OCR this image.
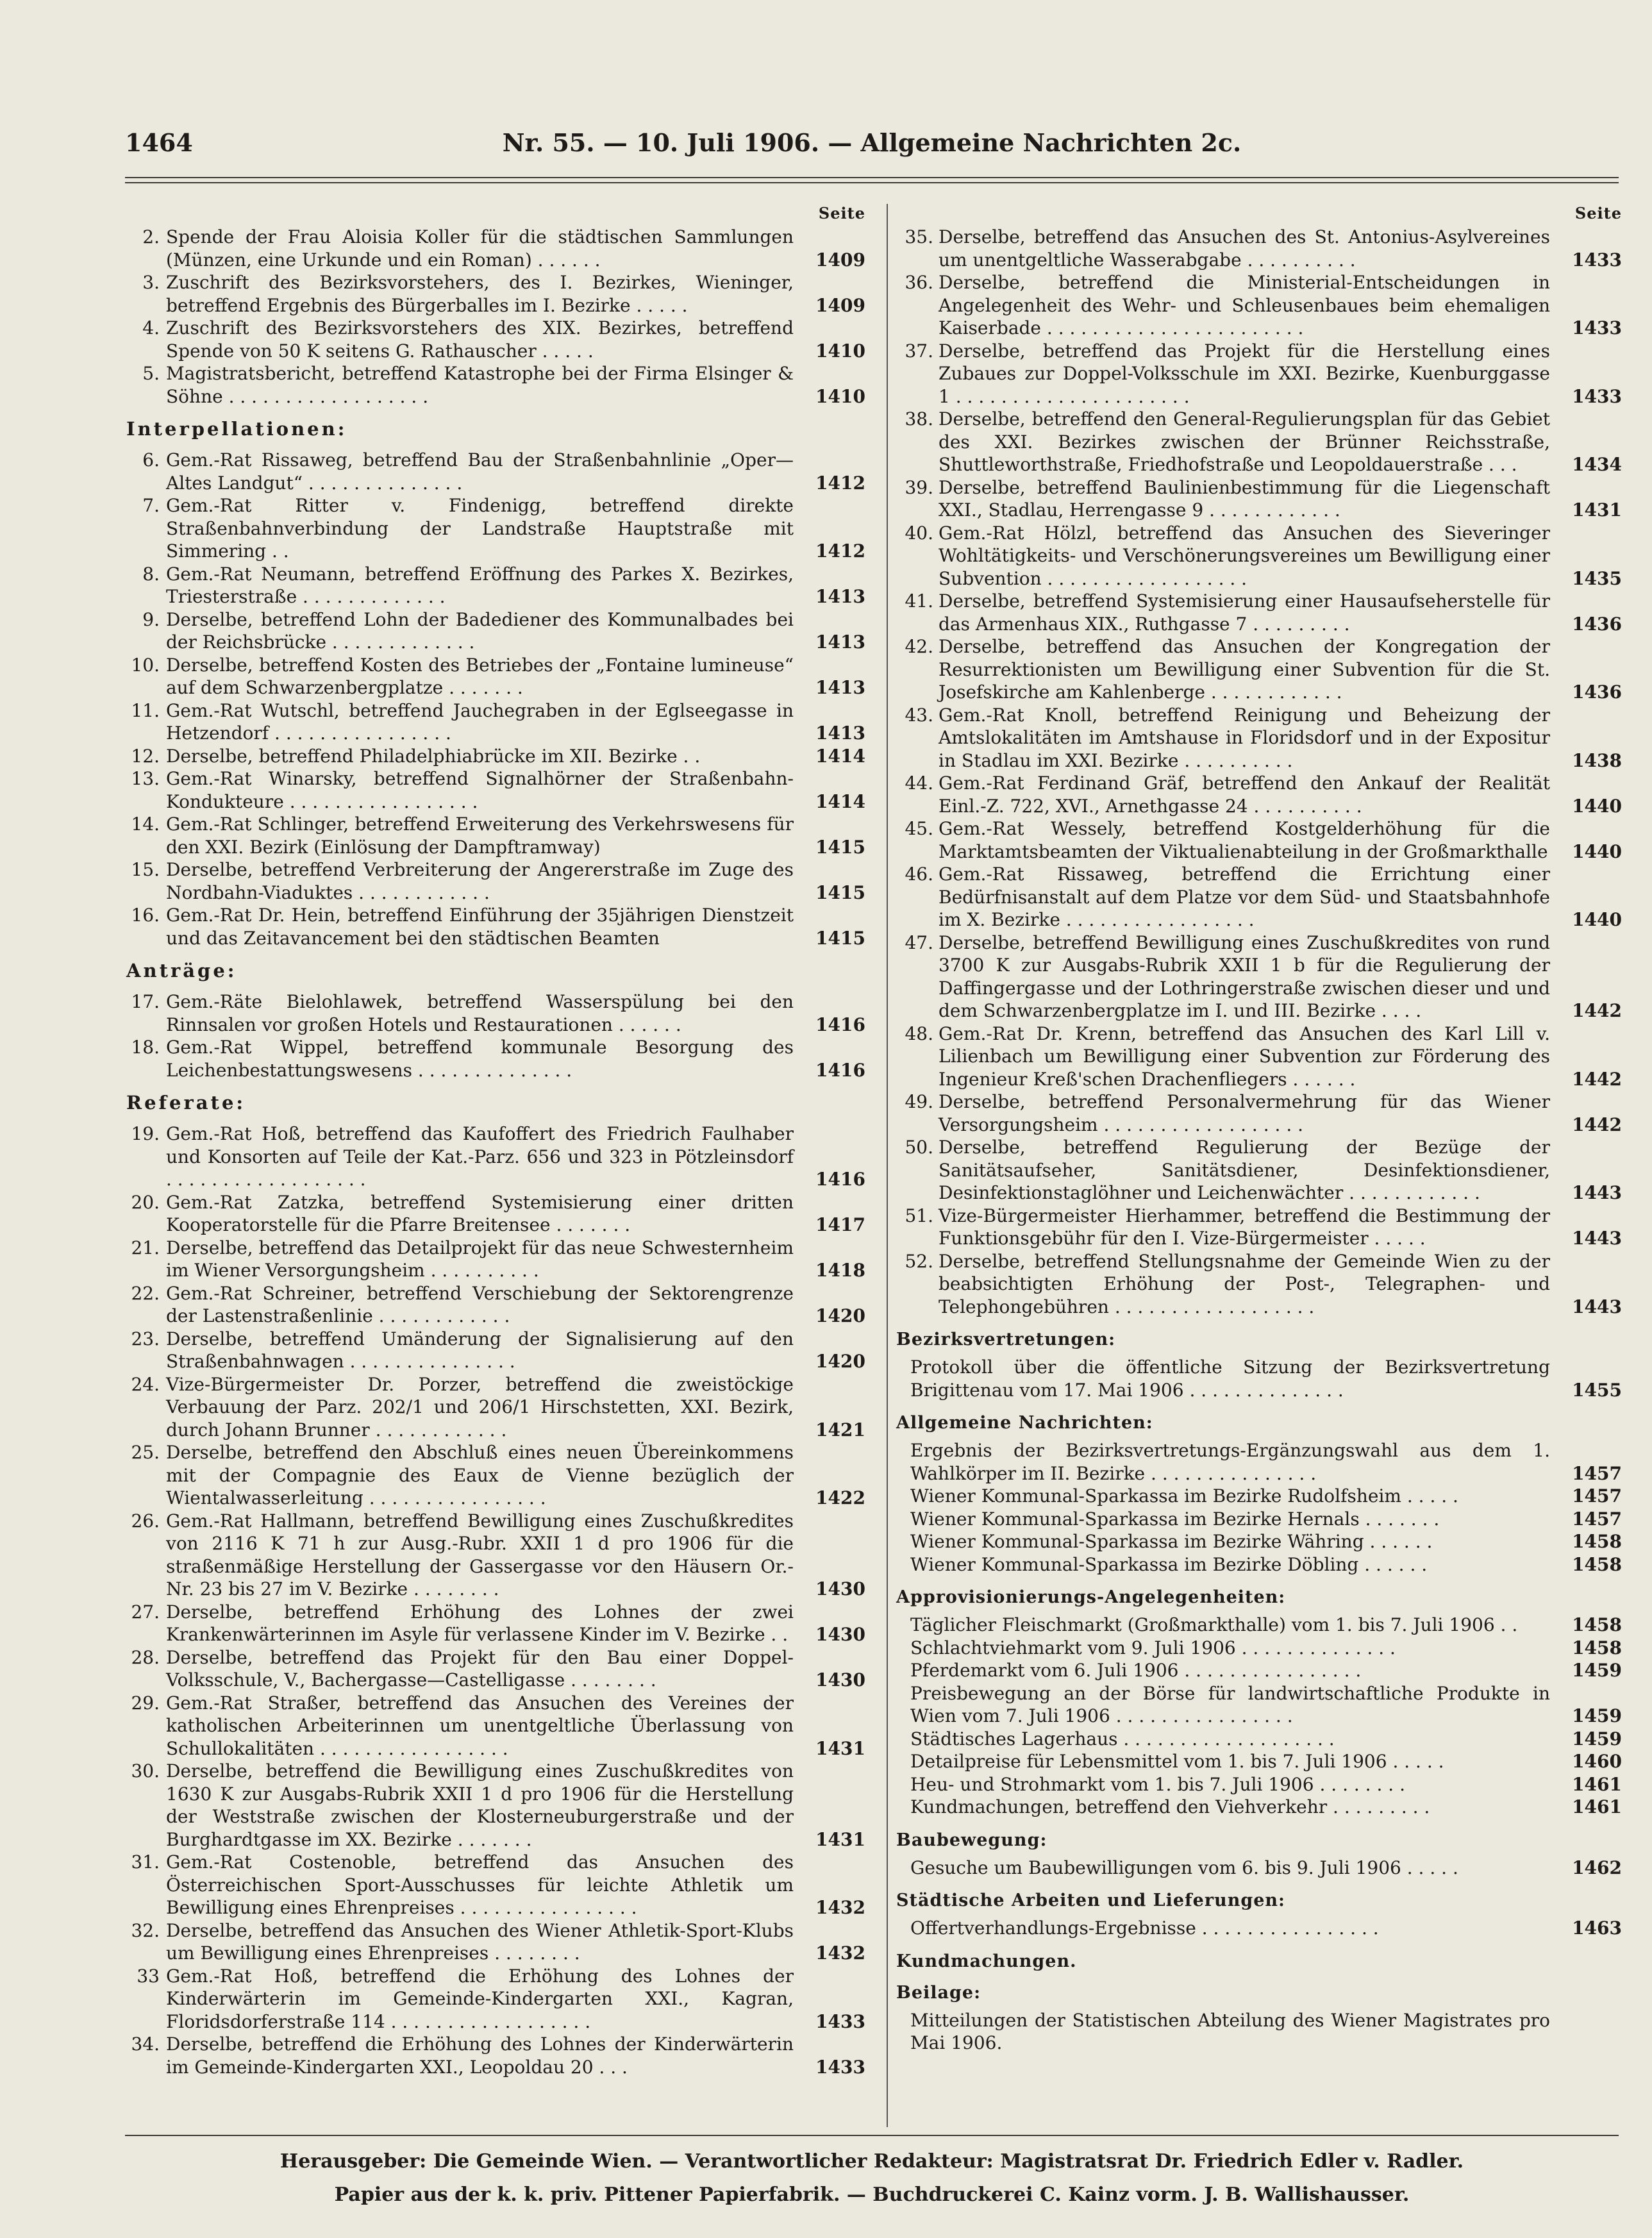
1464	Nr. 55. — 10. Juli 1906. — Allgemeine Nachrichten 2c.
Seite
2. Spende der Frau Aloisia Koller für die städtischen Sammlungen (Münzen, eine Urkunde und ein Roman) . . . . . .	1409
3. Zuschrift des Bezirksvorstehers, des I. Bezirkes, Wieninger, betreffend Ergebnis des Bürgerballes im I. Bezirke . . . . .	1409
4. Zuschrift des Bezirksvorstehers des XIX. Bezirkes, betreffend Spende von 50 K seitens G. Rathauscher . . . . .	1410
5. Magistratsbericht, betreffend Katastrophe bei der Firma Elsinger & Söhne . . . . . . . . . . . . . . . . . .	1410
Interpellationen:
6. Gem.-Rat Rissaweg, betreffend Bau der Straßenbahnlinie „Oper—Altes Landgut“ . . . . . . . . . . . . . .	1412
7. Gem.-Rat Ritter v. Findenigg, betreffend direkte Straßenbahnverbindung der Landstraße Hauptstraße mit Simmering . .	1412
8. Gem.-Rat Neumann, betreffend Eröffnung des Parkes X. Bezirkes, Triesterstraße . . . . . . . . . . . . .	1413
9. Derselbe, betreffend Lohn der Badediener des Kommunalbades bei der Reichsbrücke . . . . . . . . . . . . .	1413
10. Derselbe, betreffend Kosten des Betriebes der „Fontaine lumineuse“ auf dem Schwarzenbergplatze . . . . . . .	1413
11. Gem.-Rat Wutschl, betreffend Jauchegraben in der Eglseegasse in Hetzendorf . . . . . . . . . . . . . . . .	1413
12. Derselbe, betreffend Philadelphiabrücke im XII. Bezirke . .	1414
13. Gem.-Rat Winarsky, betreffend Signalhörner der Straßenbahn-Kondukteure . . . . . . . . . . . . . . . . .	1414
14. Gem.-Rat Schlinger, betreffend Erweiterung des Verkehrswesens für den XXI. Bezirk (Einlösung der Dampftramway)	1415
15. Derselbe, betreffend Verbreiterung der Angererstraße im Zuge des Nordbahn-Viaduktes . . . . . . . . . . . .	1415
16. Gem.-Rat Dr. Hein, betreffend Einführung der 35jährigen Dienstzeit und das Zeitavancement bei den städtischen Beamten	1415
Anträge:
17. Gem.-Räte Bielohlawek, betreffend Wasserspülung bei den Rinnsalen vor großen Hotels und Restaurationen . . . . . .	1416
18. Gem.-Rat Wippel, betreffend kommunale Besorgung des Leichenbestattungswesens . . . . . . . . . . . . . .	1416
Referate:
19. Gem.-Rat Hoß, betreffend das Kaufoffert des Friedrich Faulhaber und Konsorten auf Teile der Kat.-Parz. 656 und 323 in Pötzleinsdorf . . . . . . . . . . . . . . . . . .	1416
20. Gem.-Rat Zatzka, betreffend Systemisierung einer dritten Kooperatorstelle für die Pfarre Breitensee . . . . . . .	1417
21. Derselbe, betreffend das Detailprojekt für das neue Schwesternheim im Wiener Versorgungsheim . . . . . . . . . .	1418
22. Gem.-Rat Schreiner, betreffend Verschiebung der Sektorengrenze der Lastenstraßenlinie . . . . . . . . . . . .	1420
23. Derselbe, betreffend Umänderung der Signalisierung auf den Straßenbahnwagen . . . . . . . . . . . . . . .	1420
24. Vize-Bürgermeister Dr. Porzer, betreffend die zweistöckige Verbauung der Parz. 202/1 und 206/1 Hirschstetten, XXI. Bezirk, durch Johann Brunner . . . . . . . . . . . .	1421
25. Derselbe, betreffend den Abschluß eines neuen Übereinkommens mit der Compagnie des Eaux de Vienne bezüglich der Wientalwasserleitung . . . . . . . . . . . . . . . .	1422
26. Gem.-Rat Hallmann, betreffend Bewilligung eines Zuschußkredites von 2116 K 71 h zur Ausg.-Rubr. XXII 1 d pro 1906 für die straßenmäßige Herstellung der Gassergasse vor den Häusern Or.-Nr. 23 bis 27 im V. Bezirke . . . . . . . .	1430
27. Derselbe, betreffend Erhöhung des Lohnes der zwei Krankenwärterinnen im Asyle für verlassene Kinder im V. Bezirke . .	1430
28. Derselbe, betreffend das Projekt für den Bau einer Doppel-Volksschule, V., Bachergasse—Castelligasse . . . . . . . .	1430
29. Gem.-Rat Straßer, betreffend das Ansuchen des Vereines der katholischen Arbeiterinnen um unentgeltliche Überlassung von Schullokalitäten . . . . . . . . . . . . . . . . .	1431
30. Derselbe, betreffend die Bewilligung eines Zuschußkredites von 1630 K zur Ausgabs-Rubrik XXII 1 d pro 1906 für die Herstellung der Weststraße zwischen der Klosterneuburgerstraße und der Burghardtgasse im XX. Bezirke . . . . . . .	1431
31. Gem.-Rat Costenoble, betreffend das Ansuchen des Österreichischen Sport-Ausschusses für leichte Athletik um Bewilligung eines Ehrenpreises . . . . . . . . . . . . . . . .	1432
32. Derselbe, betreffend das Ansuchen des Wiener Athletik-Sport-Klubs um Bewilligung eines Ehrenpreises . . . . . . . .	1432
33 Gem.-Rat Hoß, betreffend die Erhöhung des Lohnes der Kinderwärterin im Gemeinde-Kindergarten XXI., Kagran, Floridsdorferstraße 114 . . . . . . . . . . . . . . . . . .	1433
34. Derselbe, betreffend die Erhöhung des Lohnes der Kinderwärterin im Gemeinde-Kindergarten XXI., Leopoldau 20 . . .	1433
Seite
35. Derselbe, betreffend das Ansuchen des St. Antonius-Asylvereines um unentgeltliche Wasserabgabe . . . . . . . . . .	1433
36. Derselbe, betreffend die Ministerial-Entscheidungen in Angelegenheit des Wehr- und Schleusenbaues beim ehemaligen Kaiserbade . . . . . . . . . . . . . . . . . . . . . . .	1433
37. Derselbe, betreffend das Projekt für die Herstellung eines Zubaues zur Doppel-Volksschule im XXI. Bezirke, Kuenburggasse 1 . . . . . . . . . . . . . . . . . . . . .	1433
38. Derselbe, betreffend den General-Regulierungsplan für das Gebiet des XXI. Bezirkes zwischen der Brünner Reichsstraße, Shuttleworthstraße, Friedhofstraße und Leopoldauerstraße . . .	1434
39. Derselbe, betreffend Baulinienbestimmung für die Liegenschaft XXI., Stadlau, Herrengasse 9 . . . . . . . . . . . .	1431
40. Gem.-Rat Hölzl, betreffend das Ansuchen des Sieveringer Wohltätigkeits- und Verschönerungsvereines um Bewilligung einer Subvention . . . . . . . . . . . . . . . . . .	1435
41. Derselbe, betreffend Systemisierung einer Hausaufseherstelle für das Armenhaus XIX., Ruthgasse 7 . . . . . . . . .	1436
42. Derselbe, betreffend das Ansuchen der Kongregation der Resurrektionisten um Bewilligung einer Subvention für die St. Josefskirche am Kahlenberge . . . . . . . . . . . .	1436
43. Gem.-Rat Knoll, betreffend Reinigung und Beheizung der Amtslokalitäten im Amtshause in Floridsdorf und in der Expositur in Stadlau im XXI. Bezirke . . . . . . . . . .	1438
44. Gem.-Rat Ferdinand Gräf, betreffend den Ankauf der Realität Einl.-Z. 722, XVI., Arnethgasse 24 . . . . . . . . . .	1440
45. Gem.-Rat Wessely, betreffend Kostgelderhöhung für die Marktamtsbeamten der Viktualienabteilung in der Großmarkthalle 1440
46. Gem.-Rat Rissaweg, betreffend die Errichtung einer Bedürfnisanstalt auf dem Platze vor dem Süd- und Staatsbahnhofe im X. Bezirke . . . . . . . . . . . . . . . . .	1440
47. Derselbe, betreffend Bewilligung eines Zuschußkredites von rund 3700 K zur Ausgabs-Rubrik XXII 1 b für die Regulierung der Daffingergasse und der Lothringerstraße zwischen dieser und und dem Schwarzenbergplatze im I. und III. Bezirke . . . .	1442
48. Gem.-Rat Dr. Krenn, betreffend das Ansuchen des Karl Lill v. Lilienbach um Bewilligung einer Subvention zur Förderung des Ingenieur Kreß'schen Drachenfliegers . . . . . .	1442
49. Derselbe, betreffend Personalvermehrung für das Wiener Versorgungsheim . . . . . . . . . . . . . . . . . .	1442
50. Derselbe, betreffend Regulierung der Bezüge der Sanitätsaufseher, Sanitätsdiener, Desinfektionsdiener, Desinfektionstaglöhner und Leichenwächter . . . . . . . . . . . .	1443
51. Vize-Bürgermeister Hierhammer, betreffend die Bestimmung der Funktionsgebühr für den I. Vize-Bürgermeister . . . . .	1443
52. Derselbe, betreffend Stellungsnahme der Gemeinde Wien zu der beabsichtigten Erhöhung der Post-, Telegraphen- und Telephongebühren . . . . . . . . . . . . . . . . . .	1443
Bezirksvertretungen:
Protokoll über die öffentliche Sitzung der Bezirksvertretung Brigittenau vom 17. Mai 1906 . . . . . . . . . . . . . .	1455
Allgemeine Nachrichten:
Ergebnis der Bezirksvertretungs-Ergänzungswahl aus dem 1. Wahlkörper im II. Bezirke . . . . . . . . . . . . . . .	1457
Wiener Kommunal-Sparkassa im Bezirke Rudolfsheim . . . . .	1457
Wiener Kommunal-Sparkassa im Bezirke Hernals . . . . . . .	1457
Wiener Kommunal-Sparkassa im Bezirke Währing . . . . . .	1458
Wiener Kommunal-Sparkassa im Bezirke Döbling . . . . . .	1458
Approvisionierungs-Angelegenheiten:
Täglicher Fleischmarkt (Großmarkthalle) vom 1. bis 7. Juli 1906 . .	1458
Schlachtviehmarkt vom 9. Juli 1906 . . . . . . . . . . . . . .	1458
Pferdemarkt vom 6. Juli 1906 . . . . . . . . . . . . . . . .	1459
Preisbewegung an der Börse für landwirtschaftliche Produkte in Wien vom 7. Juli 1906 . . . . . . . . . . . . . . . .	1459
Städtisches Lagerhaus . . . . . . . . . . . . . . . . . . .	1459
Detailpreise für Lebensmittel vom 1. bis 7. Juli 1906 . . . . .	1460
Heu- und Strohmarkt vom 1. bis 7. Juli 1906 . . . . . . . .	1461
Kundmachungen, betreffend den Viehverkehr . . . . . . . . .	1461
Baubewegung:
Gesuche um Baubewilligungen vom 6. bis 9. Juli 1906 . . . . .	1462
Städtische Arbeiten und Lieferungen:
Offertverhandlungs-Ergebnisse . . . . . . . . . . . . . . . .	1463
Kundmachungen.
Beilage:
Mitteilungen der Statistischen Abteilung des Wiener Magistrates pro Mai 1906.
Herausgeber: Die Gemeinde Wien. — Verantwortlicher Redakteur: Magistratsrat Dr. Friedrich Edler v. Radler.
Papier aus der k. k. priv. Pittener Papierfabrik. — Buchdruckerei C. Kainz vorm. J. B. Wallishausser.
